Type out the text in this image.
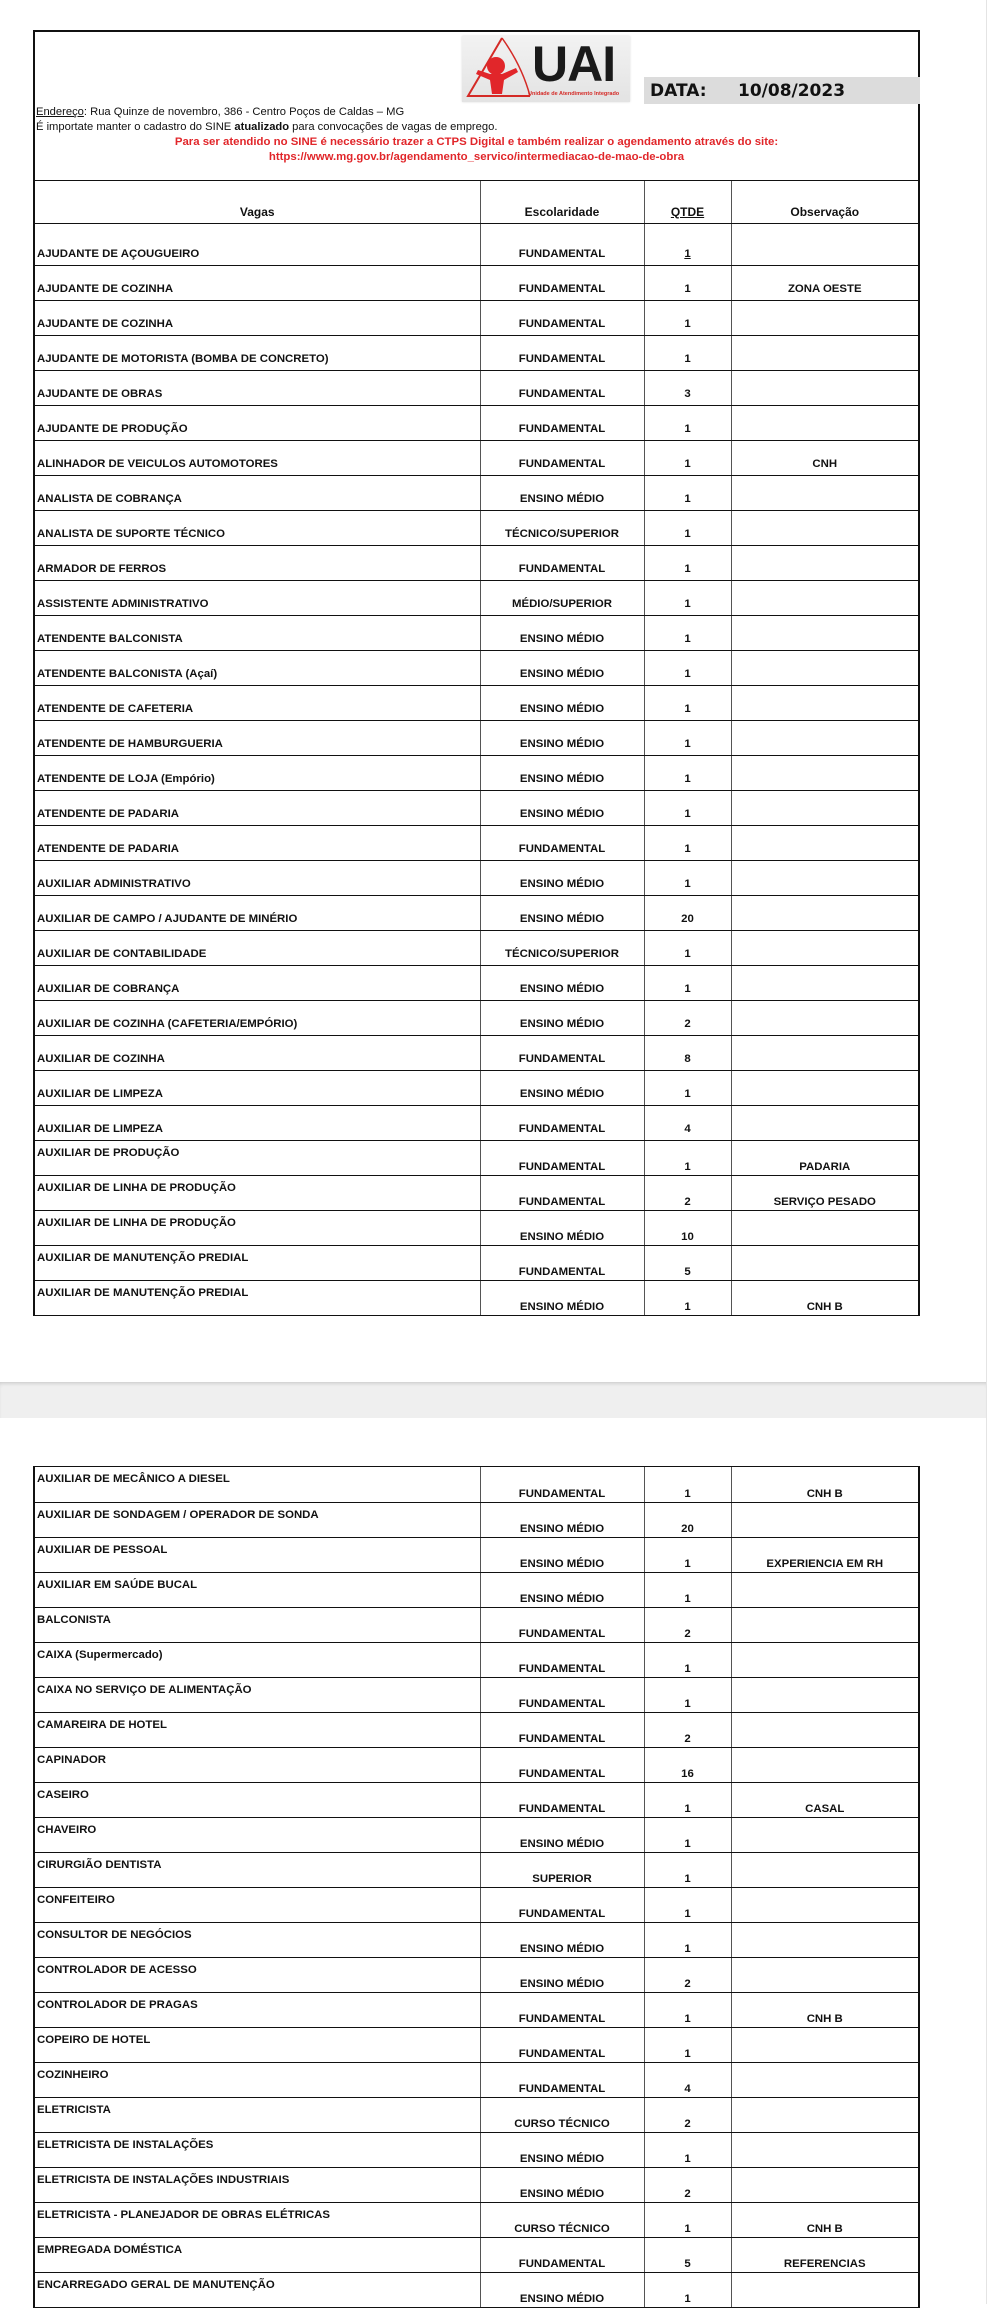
UAI
Unidade de Atendimento Integrado DATA:	10/08/2023
Endereço: Rua Quinze de novembro, 386 - Centro Poços de Caldas – MG
É importate manter o cadastro do SINE atualizado para convocações de vagas de emprego.
Para ser atendido no SINE é necessário trazer a CTPS Digital e também realizar o agendamento através do site:
https://www.mg.gov.br/agendamento_servico/intermediacao-de-mao-de-obra
Vagas	Escolaridade	QTDE	Observação
AJUDANTE DE AÇOUGUEIRO	FUNDAMENTAL	1	
AJUDANTE DE COZINHA	FUNDAMENTAL	1	ZONA OESTE
AJUDANTE DE COZINHA	FUNDAMENTAL	1	
AJUDANTE DE MOTORISTA (BOMBA DE CONCRETO)	FUNDAMENTAL	1	
AJUDANTE DE OBRAS	FUNDAMENTAL	3	
AJUDANTE DE PRODUÇÃO	FUNDAMENTAL	1	
ALINHADOR DE VEICULOS AUTOMOTORES	FUNDAMENTAL	1	CNH
ANALISTA DE COBRANÇA	ENSINO MÉDIO	1	
ANALISTA DE SUPORTE TÉCNICO	TÉCNICO/SUPERIOR	1	
ARMADOR DE FERROS	FUNDAMENTAL	1	
ASSISTENTE ADMINISTRATIVO	MÉDIO/SUPERIOR	1	
ATENDENTE BALCONISTA	ENSINO MÉDIO	1	
ATENDENTE BALCONISTA (Açaí)	ENSINO MÉDIO	1	
ATENDENTE DE CAFETERIA	ENSINO MÉDIO	1	
ATENDENTE DE HAMBURGUERIA	ENSINO MÉDIO	1	
ATENDENTE DE LOJA (Empório)	ENSINO MÉDIO	1	
ATENDENTE DE PADARIA	ENSINO MÉDIO	1	
ATENDENTE DE PADARIA	FUNDAMENTAL	1	
AUXILIAR ADMINISTRATIVO	ENSINO MÉDIO	1	
AUXILIAR DE CAMPO / AJUDANTE DE MINÉRIO	ENSINO MÉDIO	20	
AUXILIAR DE CONTABILIDADE	TÉCNICO/SUPERIOR	1	
AUXILIAR DE COBRANÇA	ENSINO MÉDIO	1	
AUXILIAR DE COZINHA (CAFETERIA/EMPÓRIO)	ENSINO MÉDIO	2	
AUXILIAR DE COZINHA	FUNDAMENTAL	8	
AUXILIAR DE LIMPEZA	ENSINO MÉDIO	1	
AUXILIAR DE LIMPEZA	FUNDAMENTAL	4	
AUXILIAR DE PRODUÇÃO	FUNDAMENTAL	1	PADARIA
AUXILIAR DE LINHA DE PRODUÇÃO	FUNDAMENTAL	2	SERVIÇO PESADO
AUXILIAR DE LINHA DE PRODUÇÃO	ENSINO MÉDIO	10	
AUXILIAR DE MANUTENÇÃO PREDIAL	FUNDAMENTAL	5	
AUXILIAR DE MANUTENÇÃO PREDIAL	ENSINO MÉDIO	1	CNH B
AUXILIAR DE MECÂNICO A DIESEL	FUNDAMENTAL	1	CNH B
AUXILIAR DE SONDAGEM / OPERADOR DE SONDA	ENSINO MÉDIO	20	
AUXILIAR DE PESSOAL	ENSINO MÉDIO	1	EXPERIENCIA EM RH
AUXILIAR EM SAÚDE BUCAL	ENSINO MÉDIO	1	
BALCONISTA	FUNDAMENTAL	2	
CAIXA (Supermercado)	FUNDAMENTAL	1	
CAIXA NO SERVIÇO DE ALIMENTAÇÃO	FUNDAMENTAL	1	
CAMAREIRA DE HOTEL	FUNDAMENTAL	2	
CAPINADOR	FUNDAMENTAL	16	
CASEIRO	FUNDAMENTAL	1	CASAL
CHAVEIRO	ENSINO MÉDIO	1	
CIRURGIÃO DENTISTA	SUPERIOR	1	
CONFEITEIRO	FUNDAMENTAL	1	
CONSULTOR DE NEGÓCIOS	ENSINO MÉDIO	1	
CONTROLADOR DE ACESSO	ENSINO MÉDIO	2	
CONTROLADOR DE PRAGAS	FUNDAMENTAL	1	CNH B
COPEIRO DE HOTEL	FUNDAMENTAL	1	
COZINHEIRO	FUNDAMENTAL	4	
ELETRICISTA	CURSO TÉCNICO	2	
ELETRICISTA DE INSTALAÇÕES	ENSINO MÉDIO	1	
ELETRICISTA DE INSTALAÇÕES INDUSTRIAIS	ENSINO MÉDIO	2	
ELETRICISTA - PLANEJADOR DE OBRAS ELÉTRICAS	CURSO TÉCNICO	1	CNH B
EMPREGADA DOMÉSTICA	FUNDAMENTAL	5	REFERENCIAS
ENCARREGADO GERAL DE MANUTENÇÃO	ENSINO MÉDIO	1	
